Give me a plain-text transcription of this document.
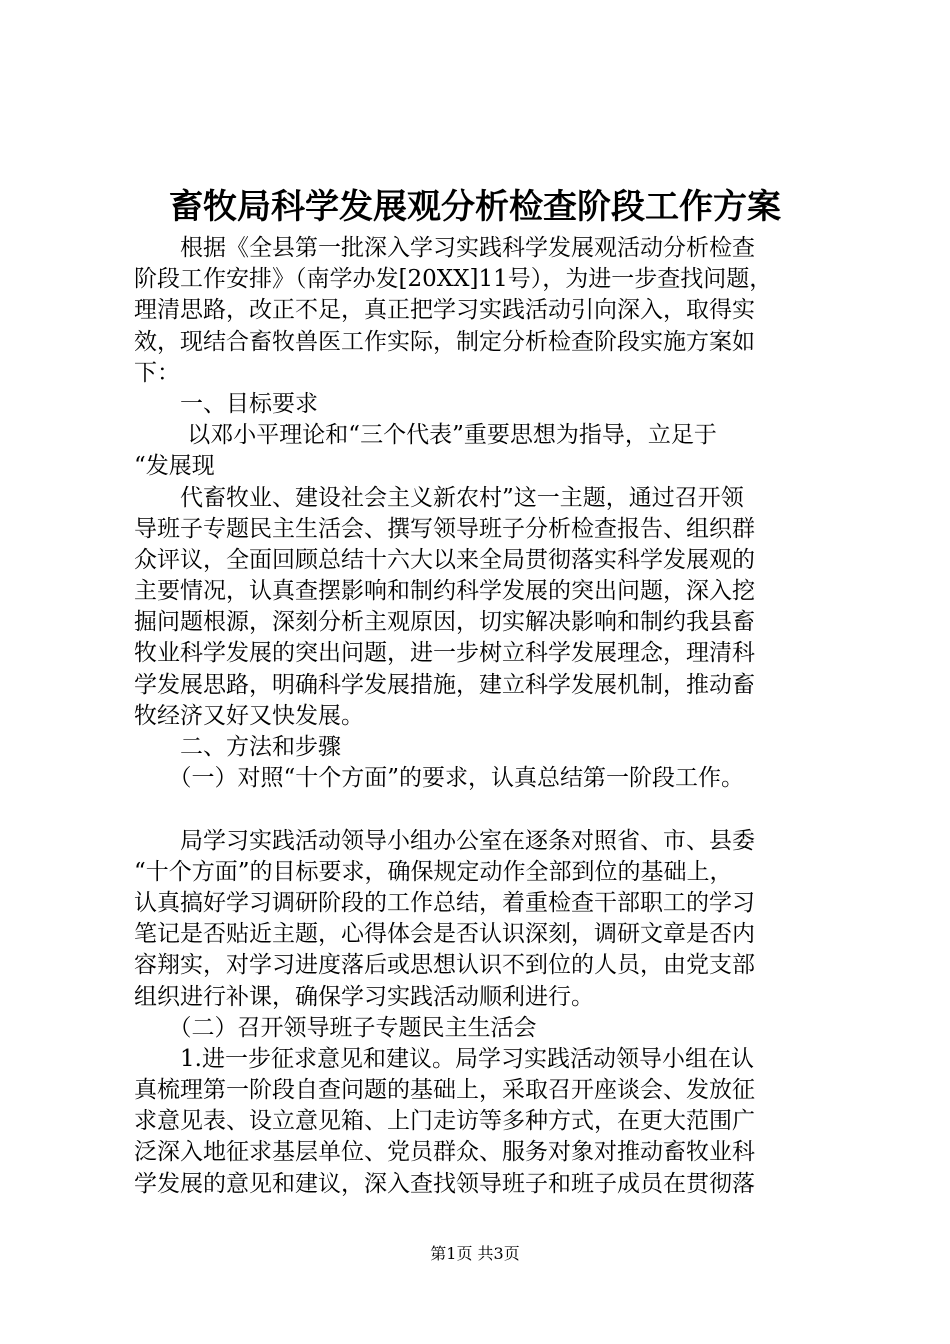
畜牧局科学发展观分析检查阶段工作方案
　　根据《全县第一批深入学习实践科学发展观活动分析检查
阶段工作安排》（南学办发[20XX]11号），为进一步查找问题，
理清思路，改正不足，真正把学习实践活动引向深入，取得实
效，现结合畜牧兽医工作实际，制定分析检查阶段实施方案如
下：
　　一、目标要求
　　 以邓小平理论和“三个代表”重要思想为指导，立足于
“发展现
　　代畜牧业、建设社会主义新农村”这一主题，通过召开领
导班子专题民主生活会、撰写领导班子分析检查报告、组织群
众评议，全面回顾总结十六大以来全局贯彻落实科学发展观的
主要情况，认真查摆影响和制约科学发展的突出问题，深入挖
掘问题根源，深刻分析主观原因，切实解决影响和制约我县畜
牧业科学发展的突出问题，进一步树立科学发展理念，理清科
学发展思路，明确科学发展措施，建立科学发展机制，推动畜
牧经济又好又快发展。
　　二、方法和步骤
　　（一）对照“十个方面”的要求，认真总结第一阶段工作。
　　局学习实践活动领导小组办公室在逐条对照省、市、县委
“十个方面”的目标要求，确保规定动作全部到位的基础上，
认真搞好学习调研阶段的工作总结，着重检查干部职工的学习
笔记是否贴近主题，心得体会是否认识深刻，调研文章是否内
容翔实，对学习进度落后或思想认识不到位的人员，由党支部
组织进行补课，确保学习实践活动顺利进行。
　　（二）召开领导班子专题民主生活会
　　1.进一步征求意见和建议。局学习实践活动领导小组在认
真梳理第一阶段自查问题的基础上，采取召开座谈会、发放征
求意见表、设立意见箱、上门走访等多种方式，在更大范围广
泛深入地征求基层单位、党员群众、服务对象对推动畜牧业科
学发展的意见和建议，深入查找领导班子和班子成员在贯彻落
第1页 共3页
